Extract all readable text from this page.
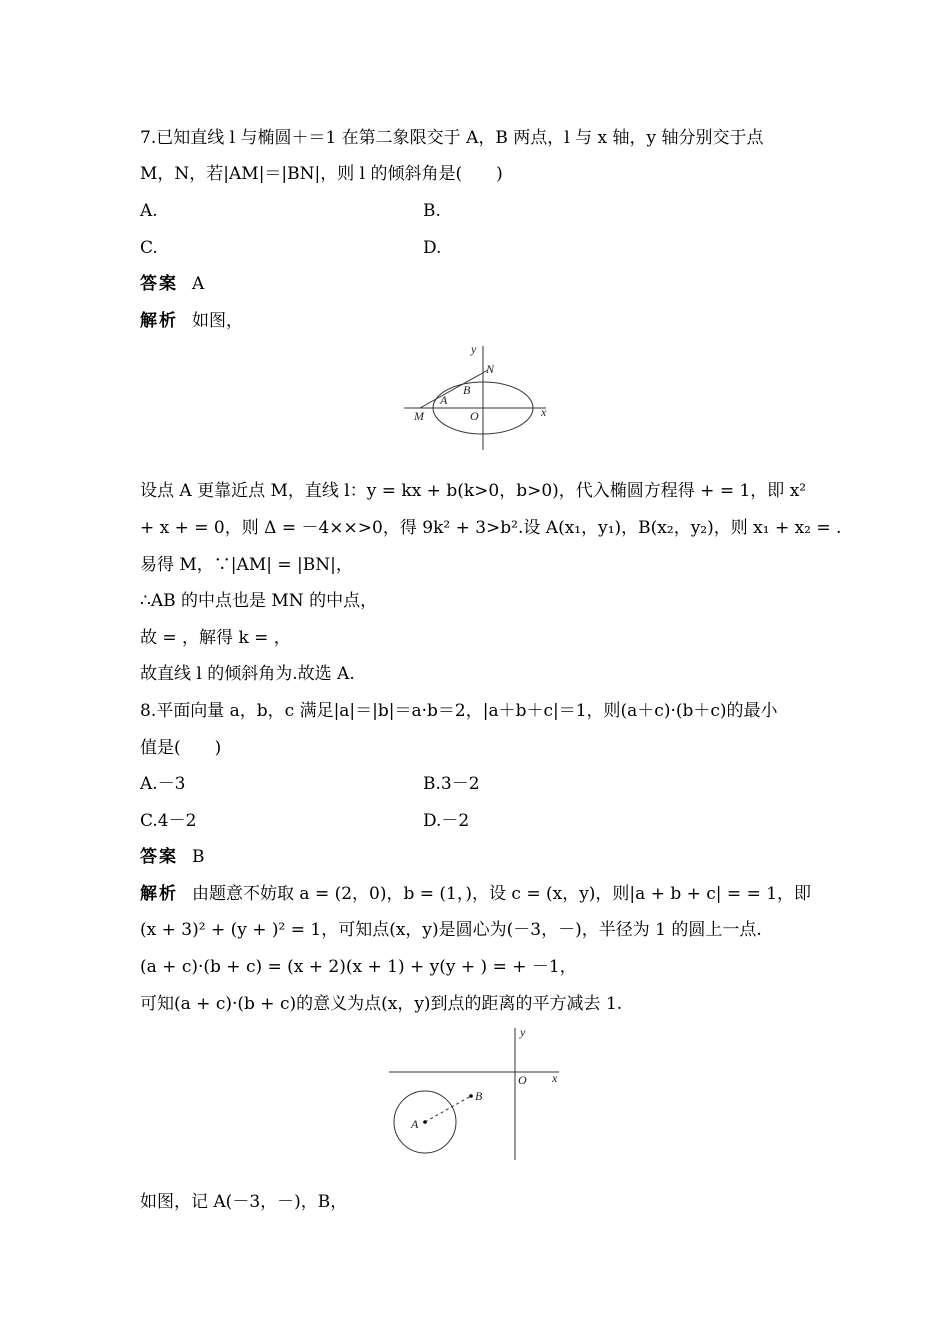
7.已知直线 l 与椭圆＋＝1 在第二象限交于 A，B 两点，l 与 x 轴，y 轴分别交于点
M，N，若|AM|＝|BN|，则 l 的倾斜角是(　　)
A.	B.
C.	D.
答案 A
解析 如图，
y
N
B
A
M	O	x
设点 A 更靠近点 M，直线 l：y = kx + b(k>0，b>0)，代入椭圆方程得 + = 1，即 x²
+ x + = 0，则 Δ = －4××>0，得 9k² + 3>b².设 A(x₁，y₁)，B(x₂，y₂)，则 x₁ + x₂ = .
易得 M，∵|AM| = |BN|，
∴AB 的中点也是 MN 的中点，
故 = ，解得 k = ，
故直线 l 的倾斜角为.故选 A.
8.平面向量 a，b，c 满足|a|＝|b|＝a·b＝2，|a＋b＋c|＝1，则(a＋c)·(b＋c)的最小
值是(　　)
A.－3	B.3－2
C.4－2	D.－2
答案 B
解析 由题意不妨取 a = (2，0)，b = (1，)，设 c = (x，y)，则|a + b + c| = = 1，即
(x + 3)² + (y + )² = 1，可知点(x，y)是圆心为(－3，－)，半径为 1 的圆上一点.
(a + c)·(b + c) = (x + 2)(x + 1) + y(y + ) = + －1，
可知(a + c)·(b + c)的意义为点(x，y)到点的距离的平方减去 1.
y
O x
B
A
如图，记 A(－3，－)，B，
